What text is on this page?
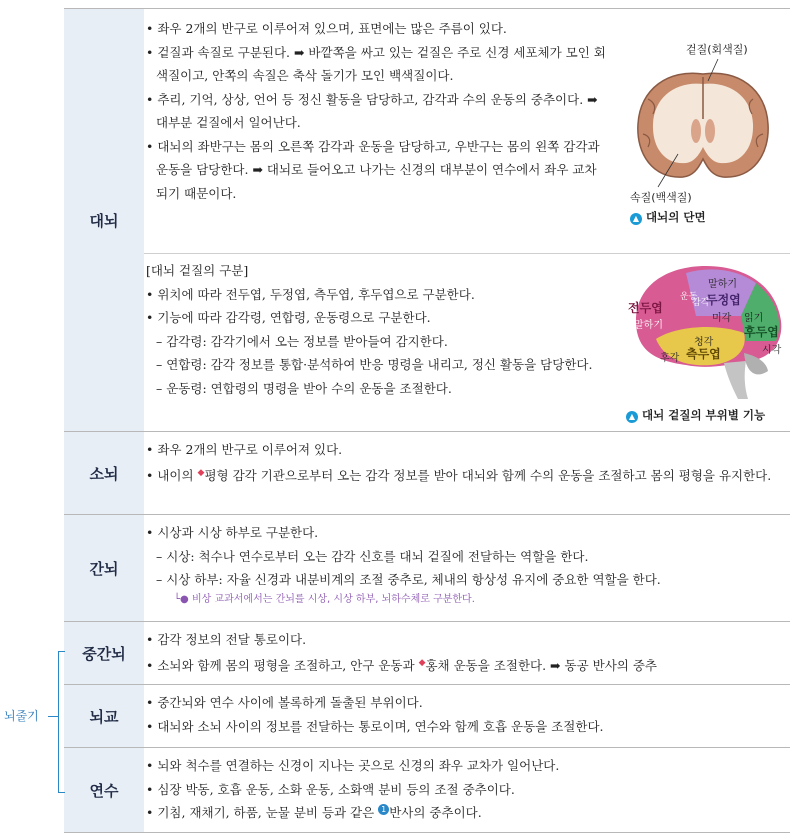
대뇌

• 좌우 2개의 반구로 이루어져 있으며, 표면에는 많은 주름이 있다.

• 겉질과 속질로 구분된다. ➡ 바깥쪽을 싸고 있는 겉질은 주로 신경 세포체가 모인 회색질이고, 안쪽의 속질은 축삭 돌기가 모인 백색질이다.

• 추리, 기억, 상상, 언어 등 정신 활동을 담당하고, 감각과 수의 운동의 중추이다. ➡ 대부분 겉질에서 일어난다.

• 대뇌의 좌반구는 몸의 오른쪽 감각과 운동을 담당하고, 우반구는 몸의 왼쪽 감각과 운동을 담당한다. ➡ 대뇌로 들어오고 나가는 신경의 대부분이 연수에서 좌우 교차되기 때문이다.

[대뇌 겉질의 구분]

• 위치에 따라 전두엽, 두정엽, 측두엽, 후두엽으로 구분한다.

• 기능에 따라 감각령, 연합령, 운동령으로 구분한다.

– 감각령: 감각기에서 오는 정보를 받아들여 감지한다.

– 연합령: 감각 정보를 통합·분석하여 반응 명령을 내리고, 정신 활동을 담당한다.

– 운동령: 연합령의 명령을 받아 수의 운동을 조절한다.

겉질(회색질)
속질(백색질)
▲ 대뇌의 단면
전두엽
말하기
운동
감각
말하기
두정엽
미각 읽기
후두엽
시각
청각
측두엽
후각
▲ 대뇌 겉질의 부위별 기능
소뇌

• 좌우 2개의 반구로 이루어져 있다.

• 내이의 ◆평형 감각 기관으로부터 오는 감각 정보를 받아 대뇌와 함께 수의 운동을 조절하고 몸의 평형을 유지한다.

간뇌

• 시상과 시상 하부로 구분한다.

– 시상: 척수나 연수로부터 오는 감각 신호를 대뇌 겉질에 전달하는 역할을 한다.

– 시상 하부: 자율 신경과 내분비계의 조절 중추로, 체내의 항상성 유지에 중요한 역할을 한다.

└● 비상 교과서에서는 간뇌를 시상, 시상 하부, 뇌하수체로 구분한다.

중간뇌

• 감각 정보의 전달 통로이다.

• 소뇌와 함께 몸의 평형을 조절하고, 안구 운동과 ◆홍채 운동을 조절한다. ➡ 동공 반사의 중추

뇌교

• 중간뇌와 연수 사이에 볼록하게 돌출된 부위이다.

• 대뇌와 소뇌 사이의 정보를 전달하는 통로이며, 연수와 함께 호흡 운동을 조절한다.

연수

• 뇌와 척수를 연결하는 신경이 지나는 곳으로 신경의 좌우 교차가 일어난다.

• 심장 박동, 호흡 운동, 소화 운동, 소화액 분비 등의 조절 중추이다.

• 기침, 재채기, 하품, 눈물 분비 등과 같은 1 반사의 중추이다.

뇌줄기
